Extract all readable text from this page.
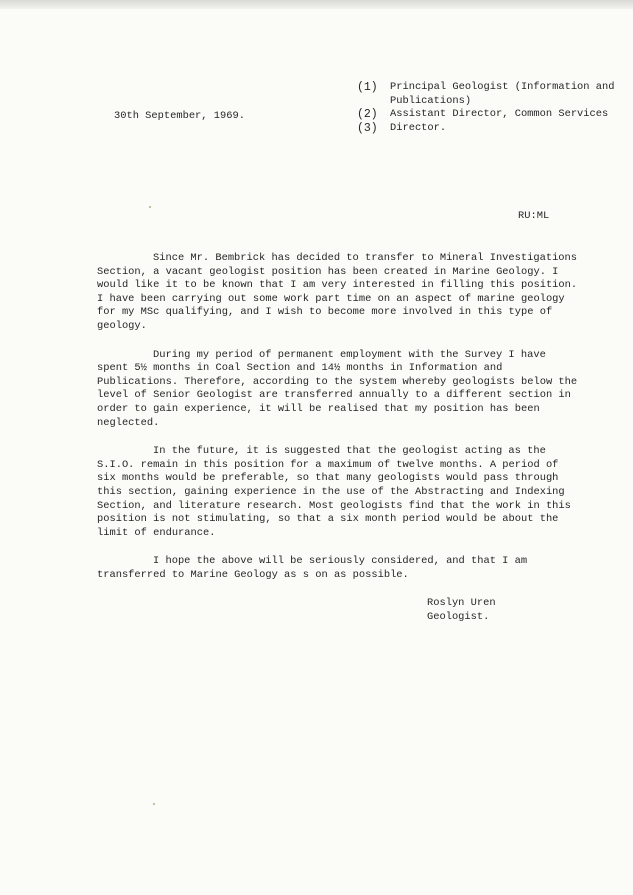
30th September, 1969.
(1)	Principal Geologist (Information and Publications)
(2)	Assistant Director, Common Services
(3)	Director.
RU:ML

Since Mr. Bembrick has decided to transfer to Mineral Investigations Section, a vacant geologist position has been created in Marine Geology. I would like it to be known that I am very interested in filling this position. I have been carrying out some work part time on an aspect of marine geology for my MSc qualifying, and I wish to become more involved in this type of geology.

During my period of permanent employment with the Survey I have spent 5½ months in Coal Section and 14½ months in Information and Publications. Therefore, according to the system whereby geologists below the level of Senior Geologist are transferred annually to a different section in order to gain experience, it will be realised that my position has been neglected.

In the future, it is suggested that the geologist acting as the S.I.O. remain in this position for a maximum of twelve months. A period of six months would be preferable, so that many geologists would pass through this section, gaining experience in the use of the Abstracting and Indexing Section, and literature research. Most geologists find that the work in this position is not stimulating, so that a six month period would be about the limit of endurance.

I hope the above will be seriously considered, and that I am transferred to Marine Geology as s on as possible.

Roslyn Uren
Geologist.
